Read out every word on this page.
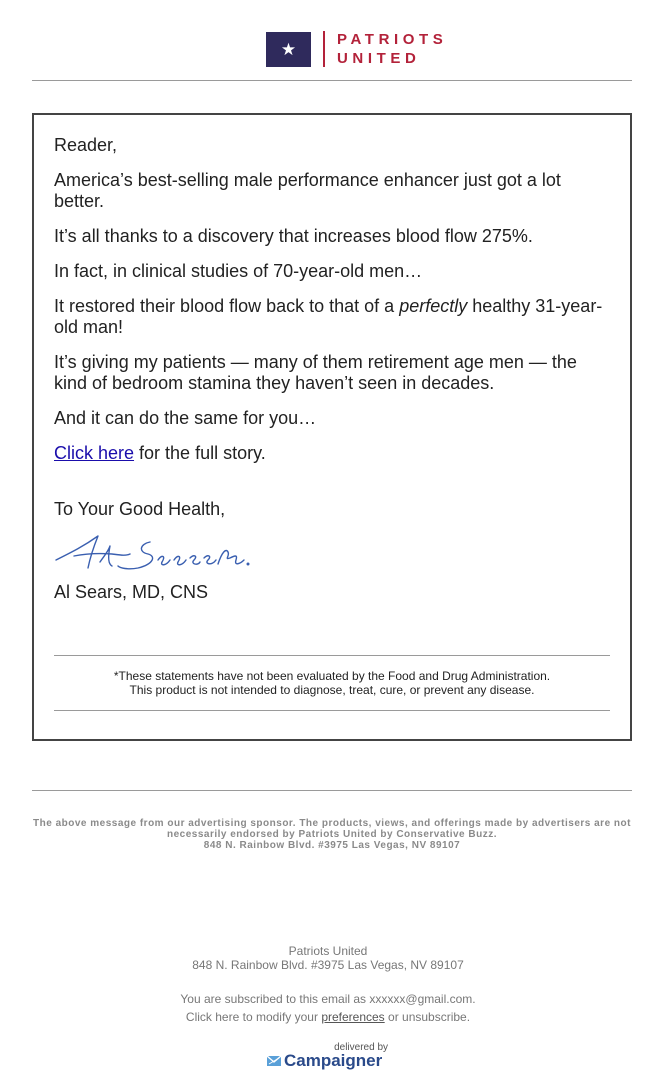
★	PATRIOTS
UNITED

Reader,

America’s best-selling male performance enhancer just got a lot better.

It’s all thanks to a discovery that increases blood flow 275%.

In fact, in clinical studies of 70-year-old men…

It restored their blood flow back to that of a perfectly healthy 31-year-old man!

It’s giving my patients — many of them retirement age men — the kind of bedroom stamina they haven’t seen in decades.

And it can do the same for you…

Click here for the full story.

To Your Good Health,

Al Sears, MD, CNS

*These statements have not been evaluated by the Food and Drug Administration.
This product is not intended to diagnose, treat, cure, or prevent any disease.
The above message from our advertising sponsor. The products, views, and offerings made by advertisers are not necessarily endorsed by Patriots United by Conservative Buzz.
848 N. Rainbow Blvd. #3975 Las Vegas, NV 89107
Patriots United
848 N. Rainbow Blvd. #3975 Las Vegas, NV 89107
You are subscribed to this email as xxxxxx@gmail.com.
Click here to modify your preferences or unsubscribe.
delivered by
Campaigner
